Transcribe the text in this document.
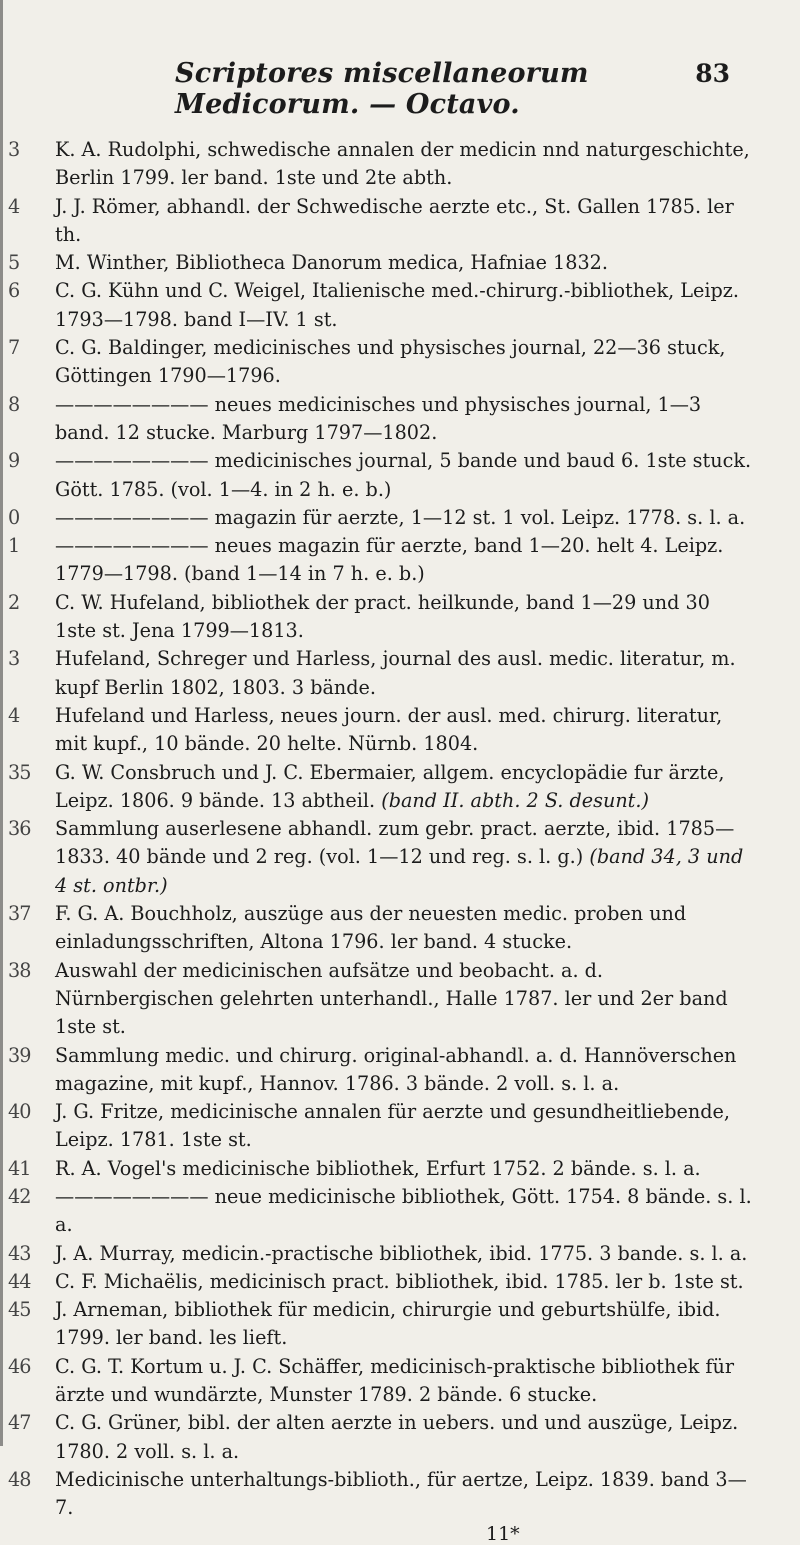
Scriptores miscellaneorum Medicorum. — Octavo.
83
3	K. A. Rudolphi, schwedische annalen der medicin nnd naturgeschichte, Berlin 1799. ler band. 1ste und 2te abth.
4	J. J. Römer, abhandl. der Schwedische aerzte etc., St. Gallen 1785. ler th.
5	M. Winther, Bibliotheca Danorum medica, Hafniae 1832.
6	C. G. Kühn und C. Weigel, Italienische med.-chirurg.-bibliothek, Leipz. 1793—1798. band I—IV. 1 st.
7	C. G. Baldinger, medicinisches und physisches journal, 22—36 stuck, Göttingen 1790—1796.
8	———————— neues medicinisches und physisches journal, 1—3 band. 12 stucke. Marburg 1797—1802.
9	———————— medicinisches journal, 5 bande und baud 6. 1ste stuck. Gött. 1785. (vol. 1—4. in 2 h. e. b.)
0	———————— magazin für aerzte, 1—12 st. 1 vol. Leipz. 1778. s. l. a.
1	———————— neues magazin für aerzte, band 1—20. helt 4. Leipz. 1779—1798. (band 1—14 in 7 h. e. b.)
2	C. W. Hufeland, bibliothek der pract. heilkunde, band 1—29 und 30 1ste st. Jena 1799—1813.
3	Hufeland, Schreger und Harless, journal des ausl. medic. literatur, m. kupf Berlin 1802, 1803. 3 bände.
4	Hufeland und Harless, neues journ. der ausl. med. chirurg. literatur, mit kupf., 10 bände. 20 helte. Nürnb. 1804.
35	G. W. Consbruch und J. C. Ebermaier, allgem. encyclopädie fur ärzte, Leipz. 1806. 9 bände. 13 abtheil. (band II. abth. 2 S. desunt.)
36	Sammlung auserlesene abhandl. zum gebr. pract. aerzte, ibid. 1785— 1833. 40 bände und 2 reg. (vol. 1—12 und reg. s. l. g.) (band 34, 3 und 4 st. ontbr.)
37	F. G. A. Bouchholz, auszüge aus der neuesten medic. proben und einladungsschriften, Altona 1796. ler band. 4 stucke.
38	Auswahl der medicinischen aufsätze und beobacht. a. d. Nürnbergischen gelehrten unterhandl., Halle 1787. ler und 2er band 1ste st.
39	Sammlung medic. und chirurg. original-abhandl. a. d. Hannöverschen magazine, mit kupf., Hannov. 1786. 3 bände. 2 voll. s. l. a.
40	J. G. Fritze, medicinische annalen für aerzte und gesundheitliebende, Leipz. 1781. 1ste st.
41	R. A. Vogel's medicinische bibliothek, Erfurt 1752. 2 bände. s. l. a.
42	———————— neue medicinische bibliothek, Gött. 1754. 8 bände. s. l. a.
43	J. A. Murray, medicin.-practische bibliothek, ibid. 1775. 3 bande. s. l. a.
44	C. F. Michaëlis, medicinisch pract. bibliothek, ibid. 1785. ler b. 1ste st.
45	J. Arneman, bibliothek für medicin, chirurgie und geburtshülfe, ibid. 1799. ler band. les lieft.
46	C. G. T. Kortum u. J. C. Schäffer, medicinisch-praktische bibliothek für ärzte und wundärzte, Munster 1789. 2 bände. 6 stucke.
47	C. G. Grüner, bibl. der alten aerzte in uebers. und und auszüge, Leipz. 1780. 2 voll. s. l. a.
48	Medicinische unterhaltungs-biblioth., für aertze, Leipz. 1839. band 3—7.
11*
